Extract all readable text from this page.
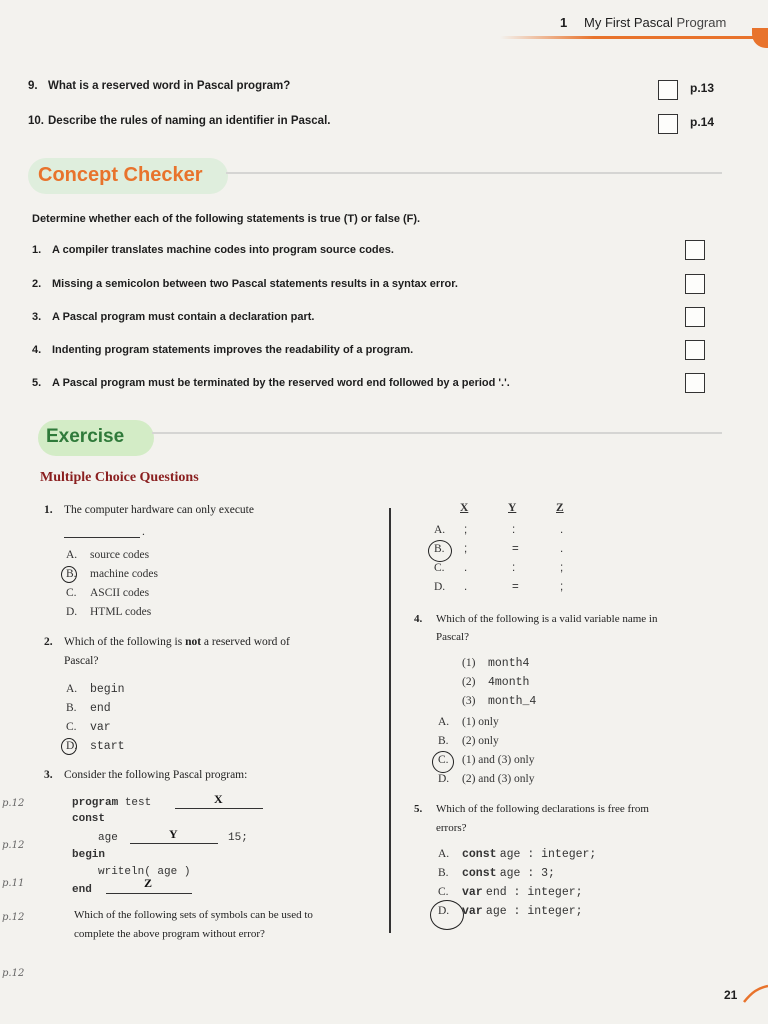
1 My First Pascal Program
9. What is a reserved word in Pascal program?	p.13
10. Describe the rules of naming an identifier in Pascal.	p.14
Concept Checker
Determine whether each of the following statements is true (T) or false (F).
1. A compiler translates machine codes into program source codes.
2. Missing a semicolon between two Pascal statements results in a syntax error.
3. A Pascal program must contain a declaration part.
4. Indenting program statements improves the readability of a program.
5. A Pascal program must be terminated by the reserved word end followed by a period '.'.
Exercise
Multiple Choice Questions
1. The computer hardware can only execute
.
A. source codes
B. machine codes
C. ASCII codes
D. HTML codes
2. Which of the following is not a reserved word of
Pascal?
A. begin
B. end
C. var
D. start
3. Consider the following Pascal program:
program test	X
const
age	Y	15;
begin
writeln( age )
end	Z
Which of the following sets of symbols can be used to
complete the above program without error?
X	Y	Z
A. ;	:	.
B. ;	=	.
C. .	:	;
D. .	=	;
4. Which of the following is a valid variable name in
Pascal?
(1) month4
(2) 4month
(3) month_4
A. (1) only
B. (2) only
C. (1) and (3) only
D. (2) and (3) only
5. Which of the following declarations is free from
errors?
A. const age : integer;
B. const age : 3;
C. var end : integer;
D. var age : integer;
p.12
p.12
p.11
p.12
p.12
21
